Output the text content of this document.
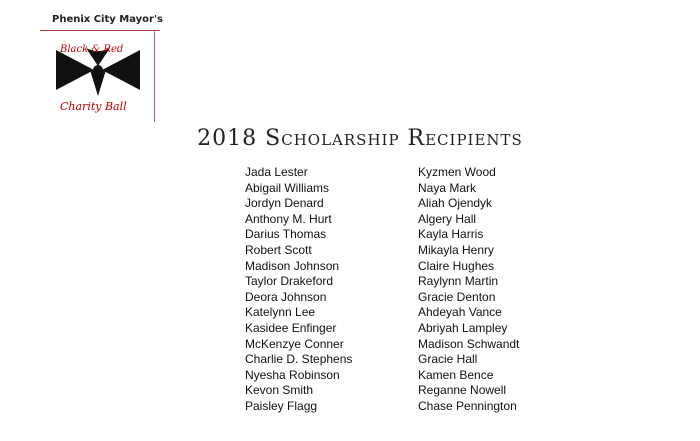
Phenix City Mayor's
Black & Red
Charity Ball
2018 Scholarship Recipients
Jada Lester
Abigail Williams
Jordyn Denard
Anthony M. Hurt
Darius Thomas
Robert Scott
Madison Johnson
Taylor Drakeford
Deora Johnson
Katelynn Lee
Kasidee Enfinger
McKenzye Conner
Charlie D. Stephens
Nyesha Robinson
Kevon Smith
Paisley Flagg
Kyzmen Wood
Naya Mark
Aliah Ojendyk
Algery Hall
Kayla Harris
Mikayla Henry
Claire Hughes
Raylynn Martin
Gracie Denton
Ahdeyah Vance
Abriyah Lampley
Madison Schwandt
Gracie Hall
Kamen Bence
Reganne Nowell
Chase Pennington
